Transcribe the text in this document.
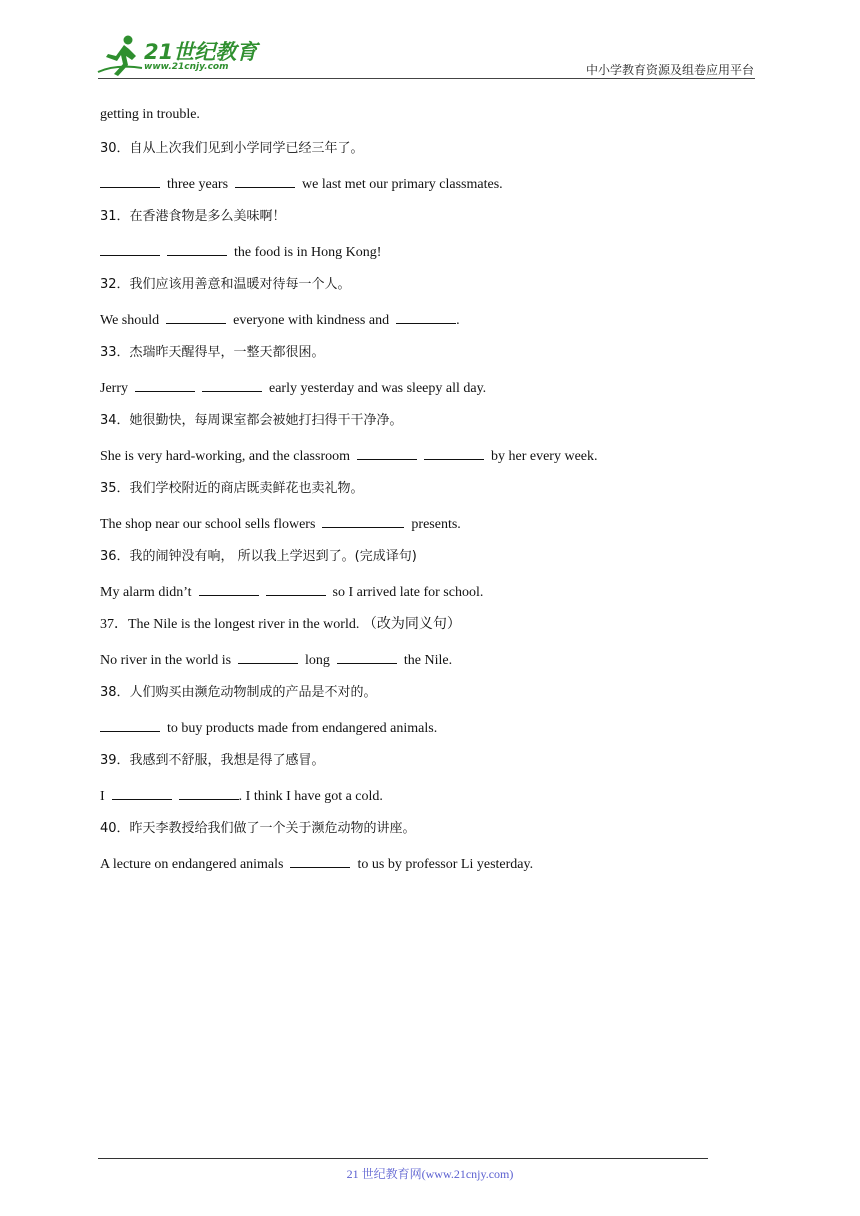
21世纪教育
www.21cnjy.com	中小学教育资源及组卷应用平台
getting in trouble.
30．自从上次我们见到小学同学已经三年了。
three years	we last met our primary classmates.
31．在香港食物是多么美味啊！
the food is in Hong Kong!
32．我们应该用善意和温暖对待每一个人。
We should	everyone with kindness and	.
33．杰瑞昨天醒得早，一整天都很困。
Jerry	early yesterday and was sleepy all day.
34．她很勤快，每周课室都会被她打扫得干干净净。
She is very hard-working, and the classroom	by her every week.
35．我们学校附近的商店既卖鲜花也卖礼物。
The shop near our school sells flowers	presents.
36．我的闹钟没有响， 所以我上学迟到了。(完成译句)
My alarm didn’t	so I arrived late for school.
37．The Nile is the longest river in the world. （改为同义句）
No river in the world is	long	the Nile.
38．人们购买由濒危动物制成的产品是不对的。
to buy products made from endangered animals.
39．我感到不舒服，我想是得了感冒。
I	. I think I have got a cold.
40．昨天李教授给我们做了一个关于濒危动物的讲座。
A lecture on endangered animals	to us by professor Li yesterday.
21 世纪教育网(www.21cnjy.com)
